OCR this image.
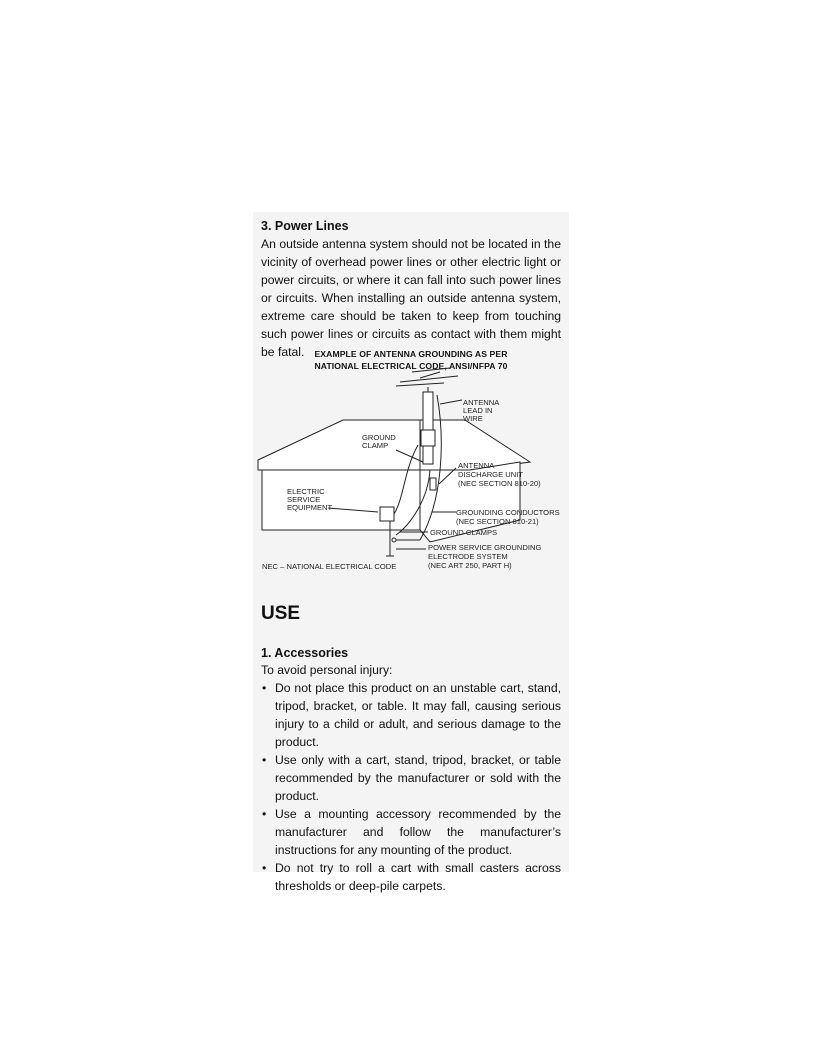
3. Power Lines
An outside antenna system should not be located in the vicinity of overhead power lines or other electric light or power circuits, or where it can fall into such power lines or circuits. When installing an outside antenna system, extreme care should be taken to keep from touching such power lines or circuits as contact with them might be fatal.	EXAMPLE OF ANTENNA GROUNDING AS PER
NATIONAL ELECTRICAL CODE, ANSI/NFPA 70
ANTENNA
LEAD IN
WIRE
GROUND
CLAMP
ANTENNA
DISCHARGE UNIT
(NEC SECTION 810-20)
ELECTRIC
SERVICE
EQUIPMENT
GROUNDING CONDUCTORS
(NEC SECTION 810-21)
GROUND CLAMPS
POWER SERVICE GROUNDING
ELECTRODE SYSTEM
(NEC ART 250, PART H)
NEC – NATIONAL ELECTRICAL CODE
USE
1. Accessories
To avoid personal injury:
• Do not place this product on an unstable cart, stand, tripod, bracket, or table. It may fall, causing serious injury to a child or adult, and serious damage to the product.
• Use only with a cart, stand, tripod, bracket, or table recommended by the manufacturer or sold with the product.
• Use a mounting accessory recommended by the manufacturer and follow the manufacturer’s instructions for any mounting of the product.
• Do not try to roll a cart with small casters across thresholds or deep-pile carpets.
